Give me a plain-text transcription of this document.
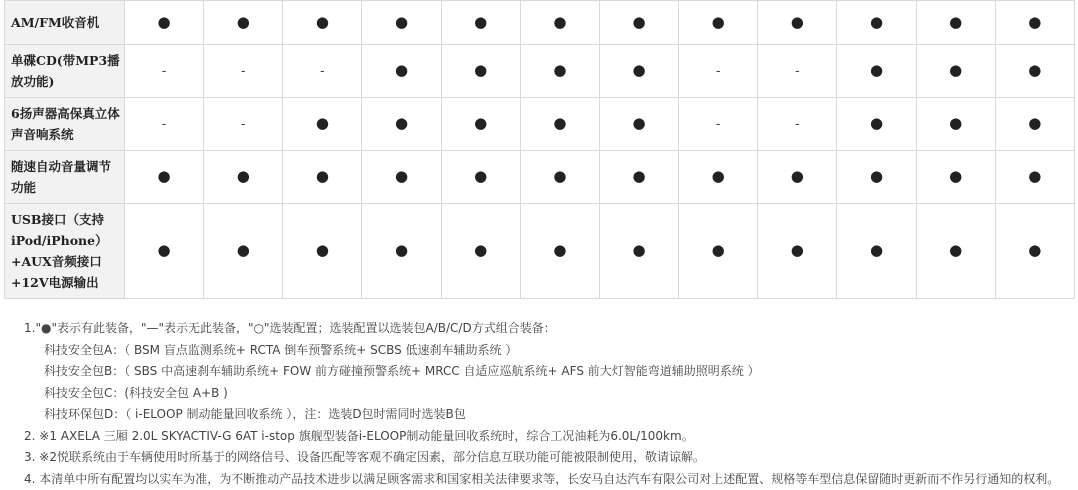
AM/FM收音机	●	●	●	●	●	●	●	●	●	●	●	●
单碟CD(带MP3播放功能)	-	-	-	●	●	●	●	-	-	●	●	●
6扬声器高保真立体声音响系统	-	-	●	●	●	●	●	-	-	●	●	●
随速自动音量调节功能	●	●	●	●	●	●	●	●	●	●	●	●
USB接口（支持iPod/iPhone）+AUX音频接口+12V电源输出	●	●	●	●	●	●	●	●	●	●	●	●
1."●"表示有此装备，"—"表示无此装备，"○"选装配置；选装配置以选装包A/B/C/D方式组合装备：
科技安全包A：（ BSM 盲点监测系统+ RCTA 倒车预警系统+ SCBS 低速刹车辅助系统 ）
科技安全包B：（ SBS 中高速刹车辅助系统+ FOW 前方碰撞预警系统+ MRCC 自适应巡航系统+ AFS 前大灯智能弯道辅助照明系统 ）
科技安全包C：(科技安全包 A+B )
科技环保包D：（ i-ELOOP 制动能量回收系统 ），注：选装D包时需同时选装B包
2. ※1 AXELA 三厢 2.0L SKYACTIV-G 6AT i-stop 旗舰型装备i-ELOOP制动能量回收系统时，综合工况油耗为6.0L/100km。
3. ※2悦联系统由于车辆使用时所基于的网络信号、设备匹配等客观不确定因素，部分信息互联功能可能被限制使用，敬请谅解。
4. 本清单中所有配置均以实车为准，为不断推动产品技术进步以满足顾客需求和国家相关法律要求等，长安马自达汽车有限公司对上述配置、规格等车型信息保留随时更新而不作另行通知的权利。
